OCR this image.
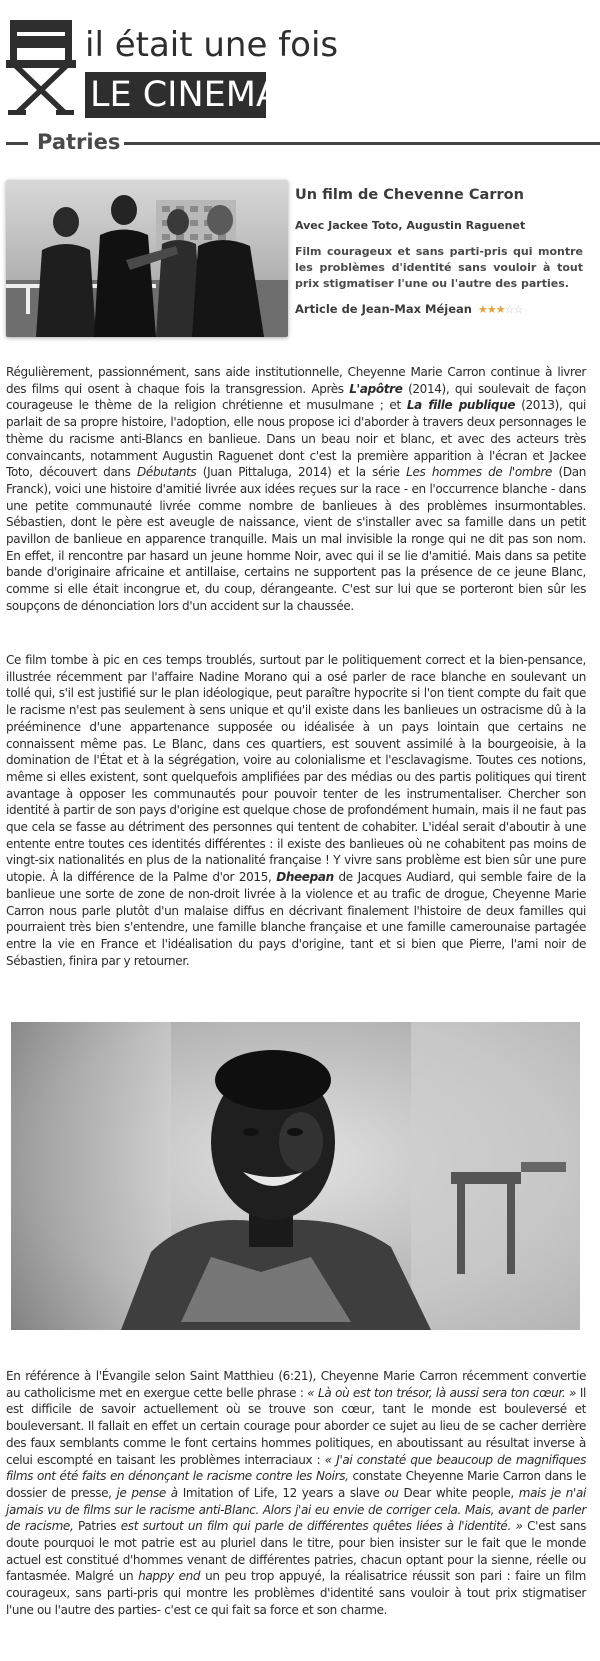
il était une fois
LE CINEMA
Patries

Un film de Chevenne Carron

Avec Jackee Toto, Augustin Raguenet

Film courageux et sans parti-pris qui montre les problèmes d'identité sans vouloir à tout prix stigmatiser l'une ou l'autre des parties.

Article de Jean-Max Méjean ★★★☆☆

Régulièrement, passionnément, sans aide institutionnelle, Cheyenne Marie Carron continue à livrer des films qui osent à chaque fois la transgression. Après L'apôtre (2014), qui soulevait de façon courageuse le thème de la religion chrétienne et musulmane ; et La fille publique (2013), qui parlait de sa propre histoire, l'adoption, elle nous propose ici d'aborder à travers deux personnages le thème du racisme anti-Blancs en banlieue. Dans un beau noir et blanc, et avec des acteurs très convaincants, notamment Augustin Raguenet dont c'est la première apparition à l'écran et Jackee Toto, découvert dans Débutants (Juan Pittaluga, 2014) et la série Les hommes de l'ombre (Dan Franck), voici une histoire d'amitié livrée aux idées reçues sur la race - en l'occurrence blanche - dans une petite communauté livrée comme nombre de banlieues à des problèmes insurmontables. Sébastien, dont le père est aveugle de naissance, vient de s'installer avec sa famille dans un petit pavillon de banlieue en apparence tranquille. Mais un mal invisible la ronge qui ne dit pas son nom. En effet, il rencontre par hasard un jeune homme Noir, avec qui il se lie d'amitié. Mais dans sa petite bande d'originaire africaine et antillaise, certains ne supportent pas la présence de ce jeune Blanc, comme si elle était incongrue et, du coup, dérangeante. C'est sur lui que se porteront bien sûr les soupçons de dénonciation lors d'un accident sur la chaussée.

Ce film tombe à pic en ces temps troublés, surtout par le politiquement correct et la bien-pensance, illustrée récemment par l'affaire Nadine Morano qui a osé parler de race blanche en soulevant un tollé qui, s'il est justifié sur le plan idéologique, peut paraître hypocrite si l'on tient compte du fait que le racisme n'est pas seulement à sens unique et qu'il existe dans les banlieues un ostracisme dû à la prééminence d'une appartenance supposée ou idéalisée à un pays lointain que certains ne connaissent même pas. Le Blanc, dans ces quartiers, est souvent assimilé à la bourgeoisie, à la domination de l'État et à la ségrégation, voire au colonialisme et l'esclavagisme. Toutes ces notions, même si elles existent, sont quelquefois amplifiées par des médias ou des partis politiques qui tirent avantage à opposer les communautés pour pouvoir tenter de les instrumentaliser. Chercher son identité à partir de son pays d'origine est quelque chose de profondément humain, mais il ne faut pas que cela se fasse au détriment des personnes qui tentent de cohabiter. L'idéal serait d'aboutir à une entente entre toutes ces identités différentes : il existe des banlieues où ne cohabitent pas moins de vingt-six nationalités en plus de la nationalité française ! Y vivre sans problème est bien sûr une pure utopie. À la différence de la Palme d'or 2015, Dheepan de Jacques Audiard, qui semble faire de la banlieue une sorte de zone de non-droit livrée à la violence et au trafic de drogue, Cheyenne Marie Carron nous parle plutôt d'un malaise diffus en décrivant finalement l'histoire de deux familles qui pourraient très bien s'entendre, une famille blanche française et une famille camerounaise partagée entre la vie en France et l'idéalisation du pays d'origine, tant et si bien que Pierre, l'ami noir de Sébastien, finira par y retourner.

En référence à l'Évangile selon Saint Matthieu (6:21), Cheyenne Marie Carron récemment convertie au catholicisme met en exergue cette belle phrase : « Là où est ton trésor, là aussi sera ton cœur. » Il est difficile de savoir actuellement où se trouve son cœur, tant le monde est bouleversé et bouleversant. Il fallait en effet un certain courage pour aborder ce sujet au lieu de se cacher derrière des faux semblants comme le font certains hommes politiques, en aboutissant au résultat inverse à celui escompté en taisant les problèmes interraciaux : « J'ai constaté que beaucoup de magnifiques films ont été faits en dénonçant le racisme contre les Noirs, constate Cheyenne Marie Carron dans le dossier de presse, je pense à Imitation of Life, 12 years a slave ou Dear white people, mais je n'ai jamais vu de films sur le racisme anti-Blanc. Alors j'ai eu envie de corriger cela. Mais, avant de parler de racisme, Patries est surtout un film qui parle de différentes quêtes liées à l'identité. » C'est sans doute pourquoi le mot patrie est au pluriel dans le titre, pour bien insister sur le fait que le monde actuel est constitué d'hommes venant de différentes patries, chacun optant pour la sienne, réelle ou fantasmée. Malgré un happy end un peu trop appuyé, la réalisatrice réussit son pari : faire un film courageux, sans parti-pris qui montre les problèmes d'identité sans vouloir à tout prix stigmatiser l'une ou l'autre des parties- c'est ce qui fait sa force et son charme.
